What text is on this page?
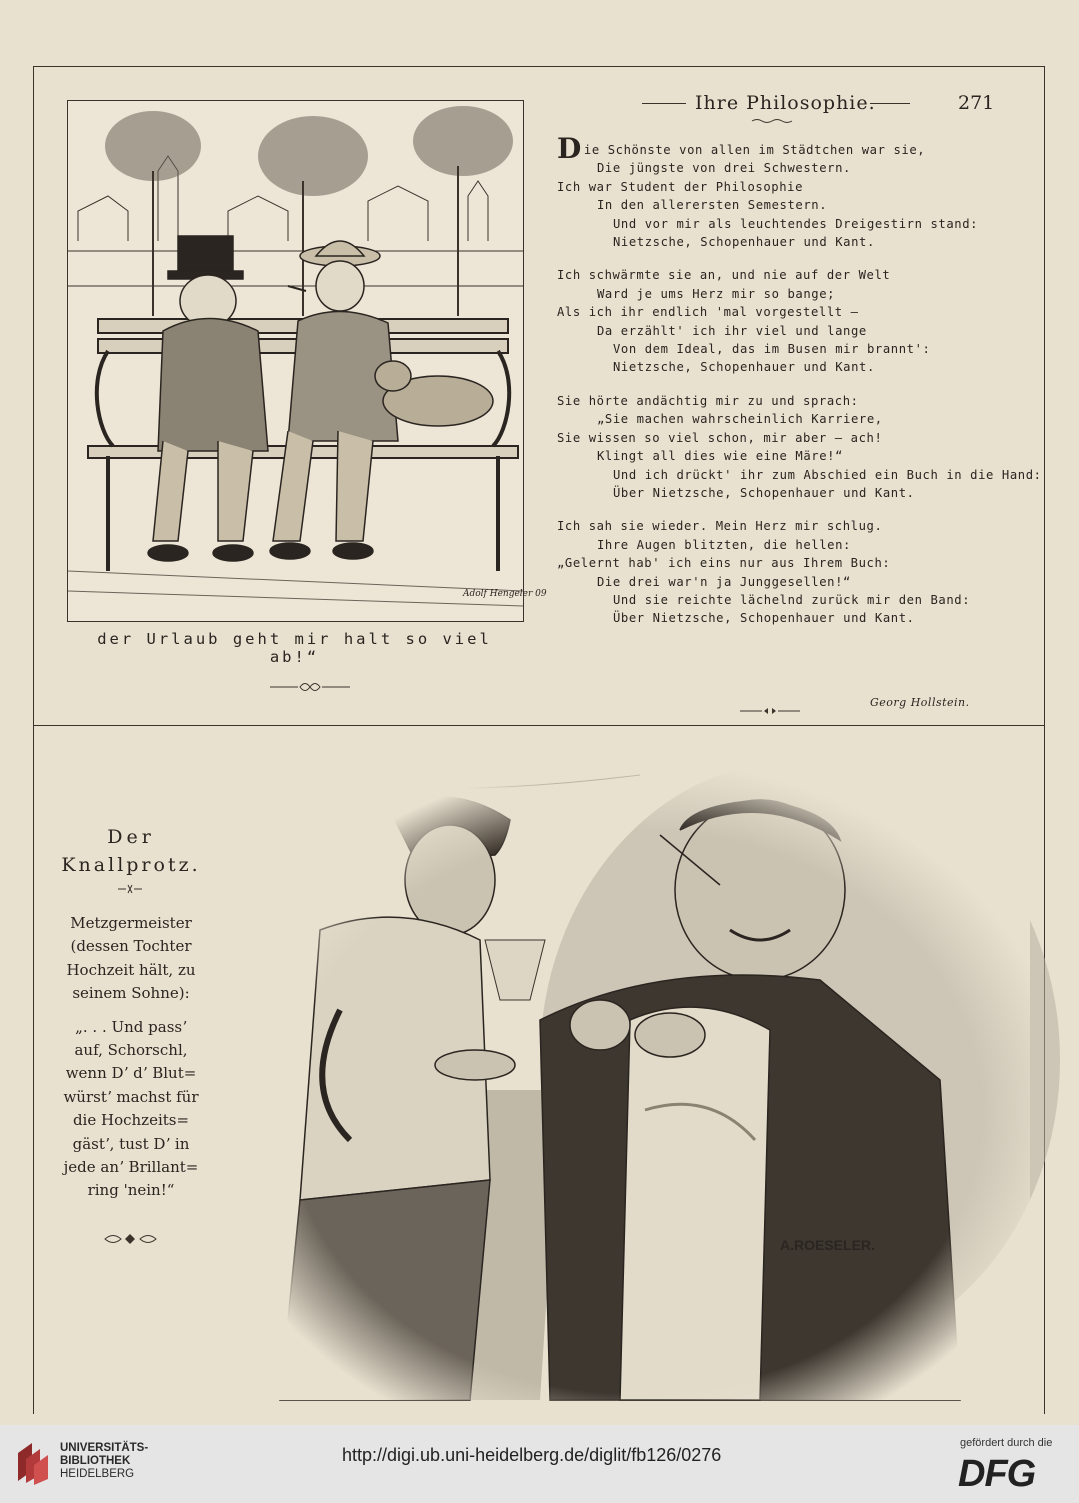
Ihre Philosophie.	271
Die Schönste von allen im Städtchen war sie,
Die jüngste von drei Schwestern.
Ich war Student der Philosophie
In den allerersten Semestern.
Und vor mir als leuchtendes Dreigestirn stand:
Nietzsche, Schopenhauer und Kant.
Ich schwärmte sie an, und nie auf der Welt
Ward je ums Herz mir so bange;
Als ich ihr endlich 'mal vorgestellt —
Da erzählt' ich ihr viel und lange
Von dem Ideal, das im Busen mir brannt':
Nietzsche, Schopenhauer und Kant.
Sie hörte andächtig mir zu und sprach:
„Sie machen wahrscheinlich Karriere,
Sie wissen so viel schon, mir aber — ach!
Klingt all dies wie eine Märe!“
Und ich drückt' ihr zum Abschied ein Buch in die Hand:
Über Nietzsche, Schopenhauer und Kant.
Ich sah sie wieder. Mein Herz mir schlug.
Ihre Augen blitzten, die hellen:
„Gelernt hab' ich eins nur aus Ihrem Buch:
Die drei war'n ja Junggesellen!“
Und sie reichte lächelnd zurück mir den Band:
Über Nietzsche, Schopenhauer und Kant.
Georg Hollstein.
Adolf Hengeler 09
der Urlaub geht mir halt so viel ab!“
Der
Knallprotz.
Metzgermeister
(dessen Tochter
Hochzeit hält, zu
seinem Sohne):
„. . . Und passʼ
auf, Schorschl,
wenn Dʼ dʼ Blut=
würstʼ machst für
die Hochzeits=
gästʼ, tust Dʼ in
jede anʼ Brillant=
ring 'nein!“
A.ROESELER.
UNIVERSITÄTS-
BIBLIOTHEK
HEIDELBERG
http://digi.ub.uni-heidelberg.de/diglit/fb126/0276
gefördert durch die
DFG
